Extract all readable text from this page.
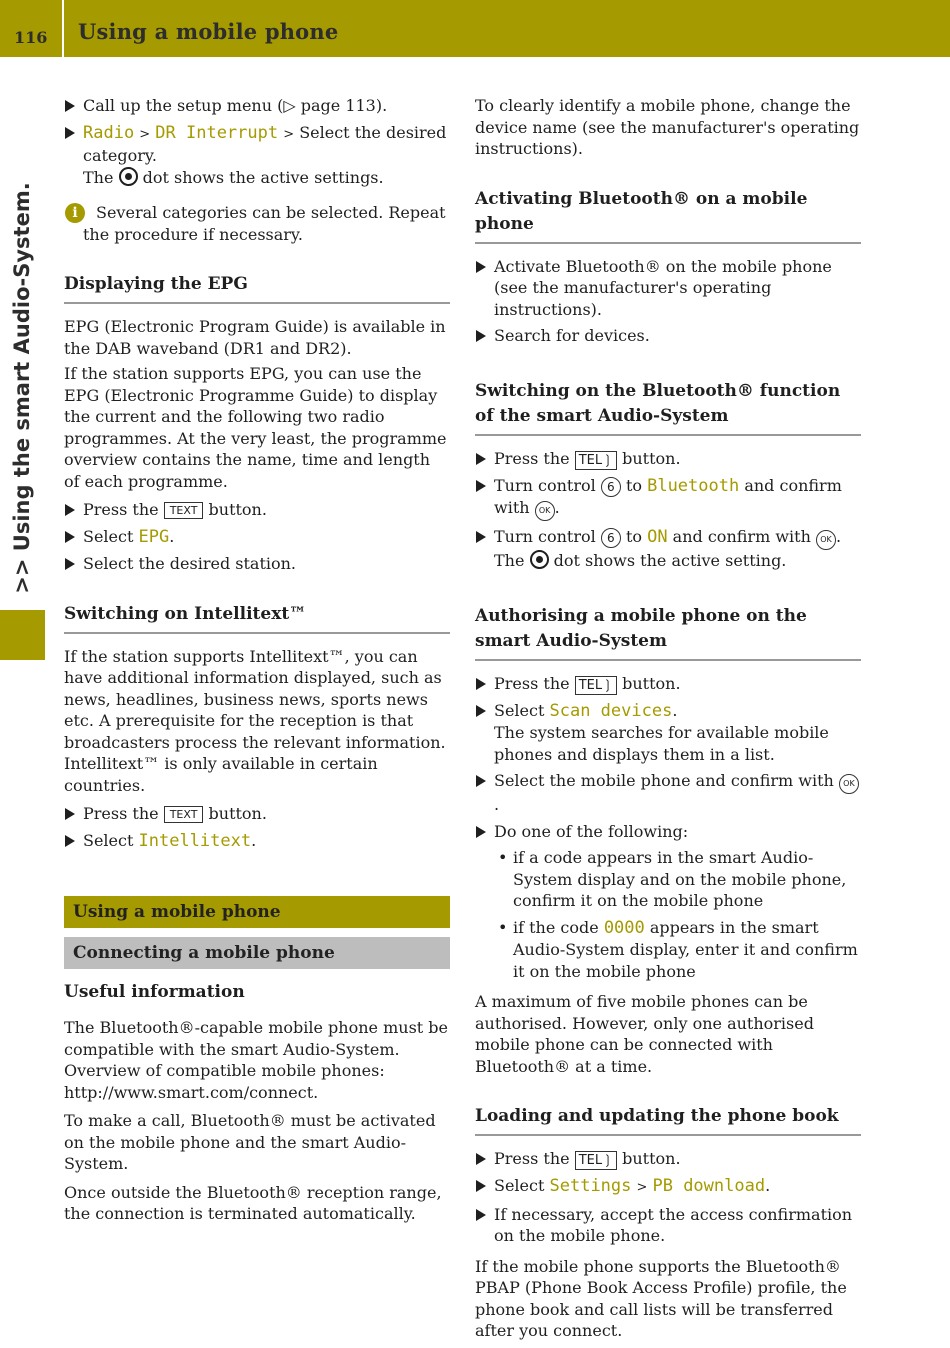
116 Using a mobile phone
>> Using the smart Audio-System.

Call up the setup menu (▷ page 113).

Radio > DR Interrupt > Select the desired category.
The dot shows the active settings.

i	Several categories can be selected. Repeat the procedure if necessary.

Displaying the EPG

EPG (Electronic Program Guide) is available in the DAB waveband (DR1 and DR2).

If the station supports EPG, you can use the EPG (Electronic Programme Guide) to display the current and the following two radio programmes. At the very least, the programme overview contains the name, time and length of each programme.

Press the TEXT button.

Select EPG.

Select the desired station.

Switching on Intellitext™

If the station supports Intellitext™, you can have additional information displayed, such as news, headlines, business news, sports news etc. A prerequisite for the reception is that broadcasters process the relevant information. Intellitext™ is only available in certain countries.

Press the TEXT button.

Select Intellitext.

Using a mobile phone
Connecting a mobile phone
Useful information

The Bluetooth®-capable mobile phone must be compatible with the smart Audio-System. Overview of compatible mobile phones: http://www.smart.com/connect.

To make a call, Bluetooth® must be activated on the mobile phone and the smart Audio-System.

Once outside the Bluetooth® reception range, the connection is terminated automatically.

To clearly identify a mobile phone, change the device name (see the manufacturer's operating instructions).

Activating Bluetooth® on a mobile phone

Activate Bluetooth® on the mobile phone (see the manufacturer's operating instructions).

Search for devices.

Switching on the Bluetooth® function of the smart Audio-System

Press the TEL❳ button.

Turn control 6 to Bluetooth and confirm with OK .

Turn control 6 to ON and confirm with OK .
The dot shows the active setting.

Authorising a mobile phone on the smart Audio-System

Press the TEL❳ button.

Select Scan devices.
The system searches for available mobile phones and displays them in a list.

Select the mobile phone and confirm with OK.

Do one of the following:

• if a code appears in the smart Audio-System display and on the mobile phone, confirm it on the mobile phone

• if the code 0000 appears in the smart Audio-System display, enter it and confirm it on the mobile phone

A maximum of five mobile phones can be authorised. However, only one authorised mobile phone can be connected with Bluetooth® at a time.

Loading and updating the phone book

Press the TEL❳ button.

Select Settings > PB download.

If necessary, accept the access confirmation on the mobile phone.

If the mobile phone supports the Bluetooth® PBAP (Phone Book Access Profile) profile, the phone book and call lists will be transferred after you connect.
